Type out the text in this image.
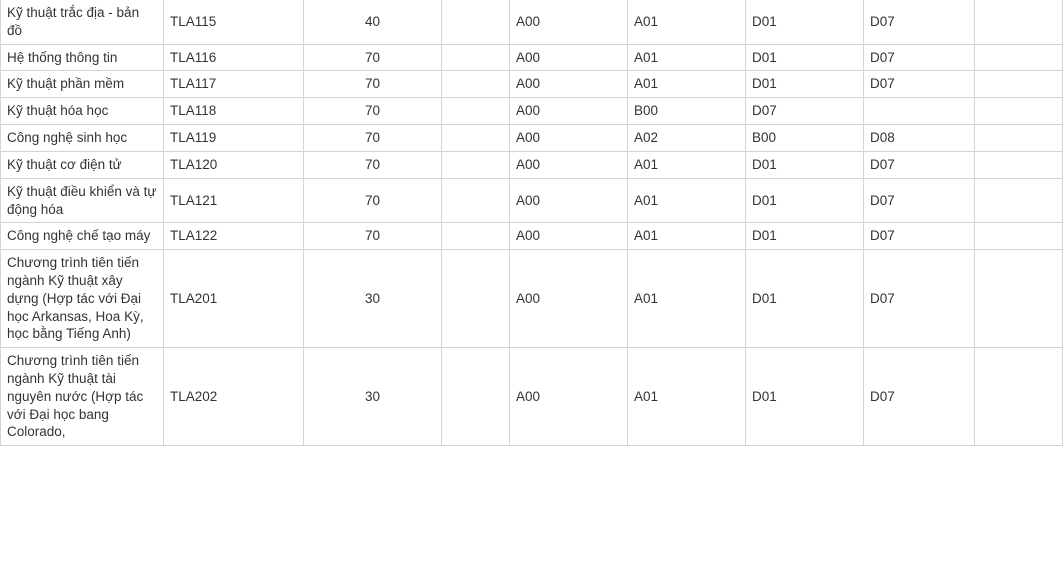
Kỹ thuật trắc địa - bản đồ	TLA115	40		A00	A01	D01	D07	
Hệ thống thông tin	TLA116	70		A00	A01	D01	D07	
Kỹ thuật phần mềm	TLA117	70		A00	A01	D01	D07	
Kỹ thuật hóa học	TLA118	70		A00	B00	D07		
Công nghệ sinh học	TLA119	70		A00	A02	B00	D08	
Kỹ thuật cơ điện tử	TLA120	70		A00	A01	D01	D07	
Kỹ thuật điều khiển và tự động hóa	TLA121	70		A00	A01	D01	D07	
Công nghệ chế tạo máy	TLA122	70		A00	A01	D01	D07	
Chương trình tiên tiến ngành Kỹ thuật xây dựng (Hợp tác với Đại học Arkansas, Hoa Kỳ, học bằng Tiếng Anh)	TLA201	30		A00	A01	D01	D07	
Chương trình tiên tiến ngành Kỹ thuật tài nguyên nước (Hợp tác với Đại học bang Colorado,	TLA202	30		A00	A01	D01	D07	
